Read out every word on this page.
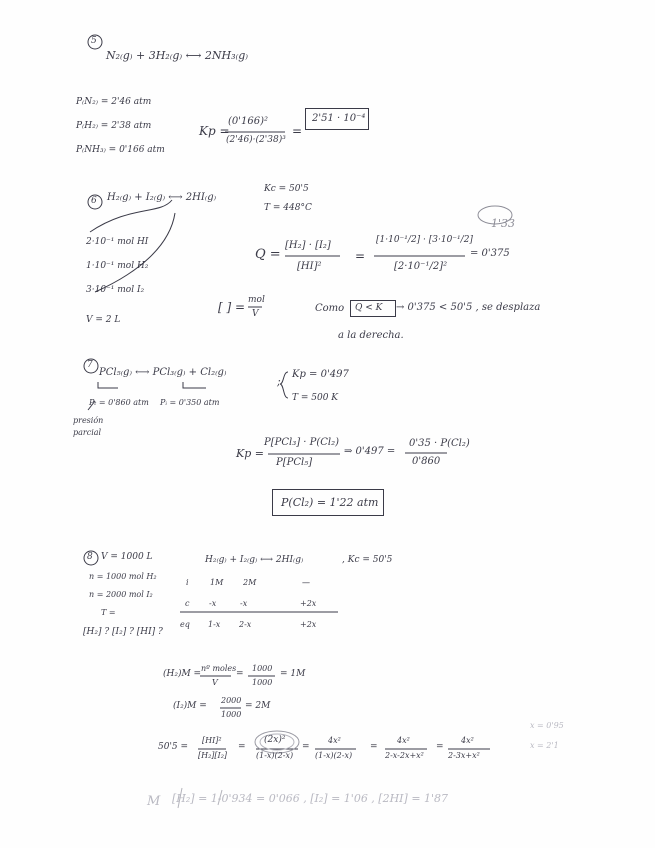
5
N₂₍g₎ + 3H₂₍g₎ ⟷ 2NH₃₍g₎
P₍N₂₎ = 2'46 atm
P₍H₂₎ = 2'38 atm
P₍NH₃₎ = 0'166 atm
Kp =
(0'166)²
(2'46)·(2'38)³
=
2'51 · 10⁻⁴
6 H₂₍g₎ + I₂₍g₎ ⟷ 2HI₍g₎
Kc = 50'5
T = 448°C
2·10⁻¹ mol HI
1·10⁻¹ mol H₂
3·10⁻¹ mol I₂
V = 2 L
Q =
[H₂] · [I₂]
[HI]²
=
[1·10⁻¹/2] · [3·10⁻¹/2]
[2·10⁻¹/2]²
= 0'375
1'33
[ ] = mol
V	Como Q < K → 0'375 < 50'5 , se desplaza
a la derecha.
7
PCl₅₍g₎ ⟷ PCl₃₍g₎ + Cl₂₍g₎
;
Kp = 0'497
T = 500 K
Pₜ = 0'860 atm Pᵢ = 0'350 atm
presión
parcial
Kp =
P[PCl₃] · P(Cl₂)
P[PCl₅]
⇒ 0'497 =
0'35 · P(Cl₂)
0'860
P(Cl₂) = 1'22 atm
8 V = 1000 L
n = 1000 mol H₂
n = 2000 mol I₂
T =
[H₂] ? [I₂] ? [HI] ?
H₂₍g₎ + I₂₍g₎ ⟷ 2HI₍g₎	, Kc = 50'5
i	1M 2M	—
c -x	-x	+2x
eq 1-x 2-x	+2x
(H₂)M =
nº moles
V
=
1000
1000
= 1M
(I₂)M =
2000
1000
= 2M
50'5 =
[HI]²
[H₂][I₂]
=
(2x)²
(1-x)(2-x)
=
4x²
(1-x)(2-x)
=
4x²
2-x-2x+x²
=
4x²
2-3x+x²
x = 0'95
x = 2'1
M [H₂] = 1-0'934 = 0'066 , [I₂] = 1'06 , [2HI] = 1'87
